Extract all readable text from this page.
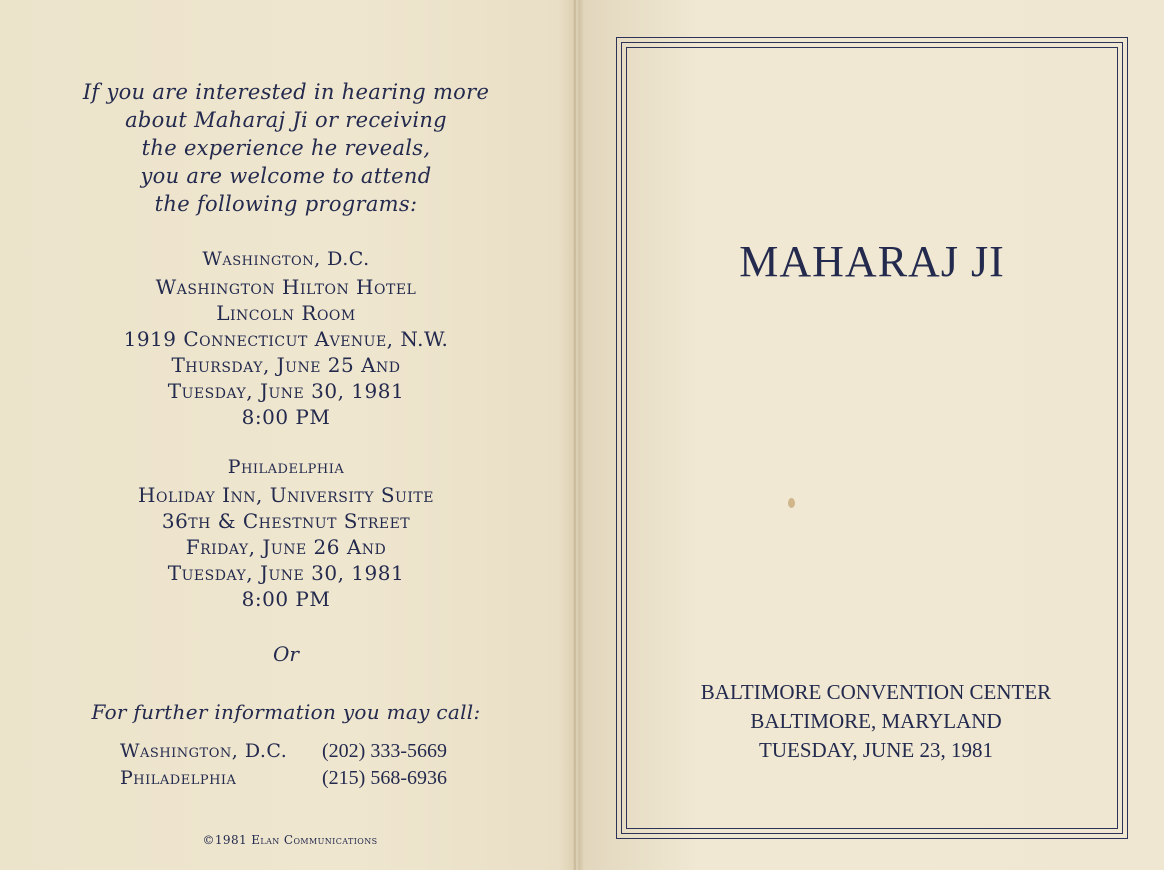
If you are interested in hearing more
about Maharaj Ji or receiving
the experience he reveals,
you are welcome to attend
the following programs:
Washington, D.C.
Washington Hilton Hotel
Lincoln Room
1919 Connecticut Avenue, N.W.
Thursday, June 25 And
Tuesday, June 30, 1981
8:00 PM
Philadelphia
Holiday Inn, University Suite
36th & Chestnut Street
Friday, June 26 And
Tuesday, June 30, 1981
8:00 PM
Or
For further information you may call:
Washington, D.C. (202) 333-5669
Philadelphia	(215) 568-6936
©1981 Elan Communications
MAHARAJ JI
BALTIMORE CONVENTION CENTER
BALTIMORE, MARYLAND
TUESDAY, JUNE 23, 1981
